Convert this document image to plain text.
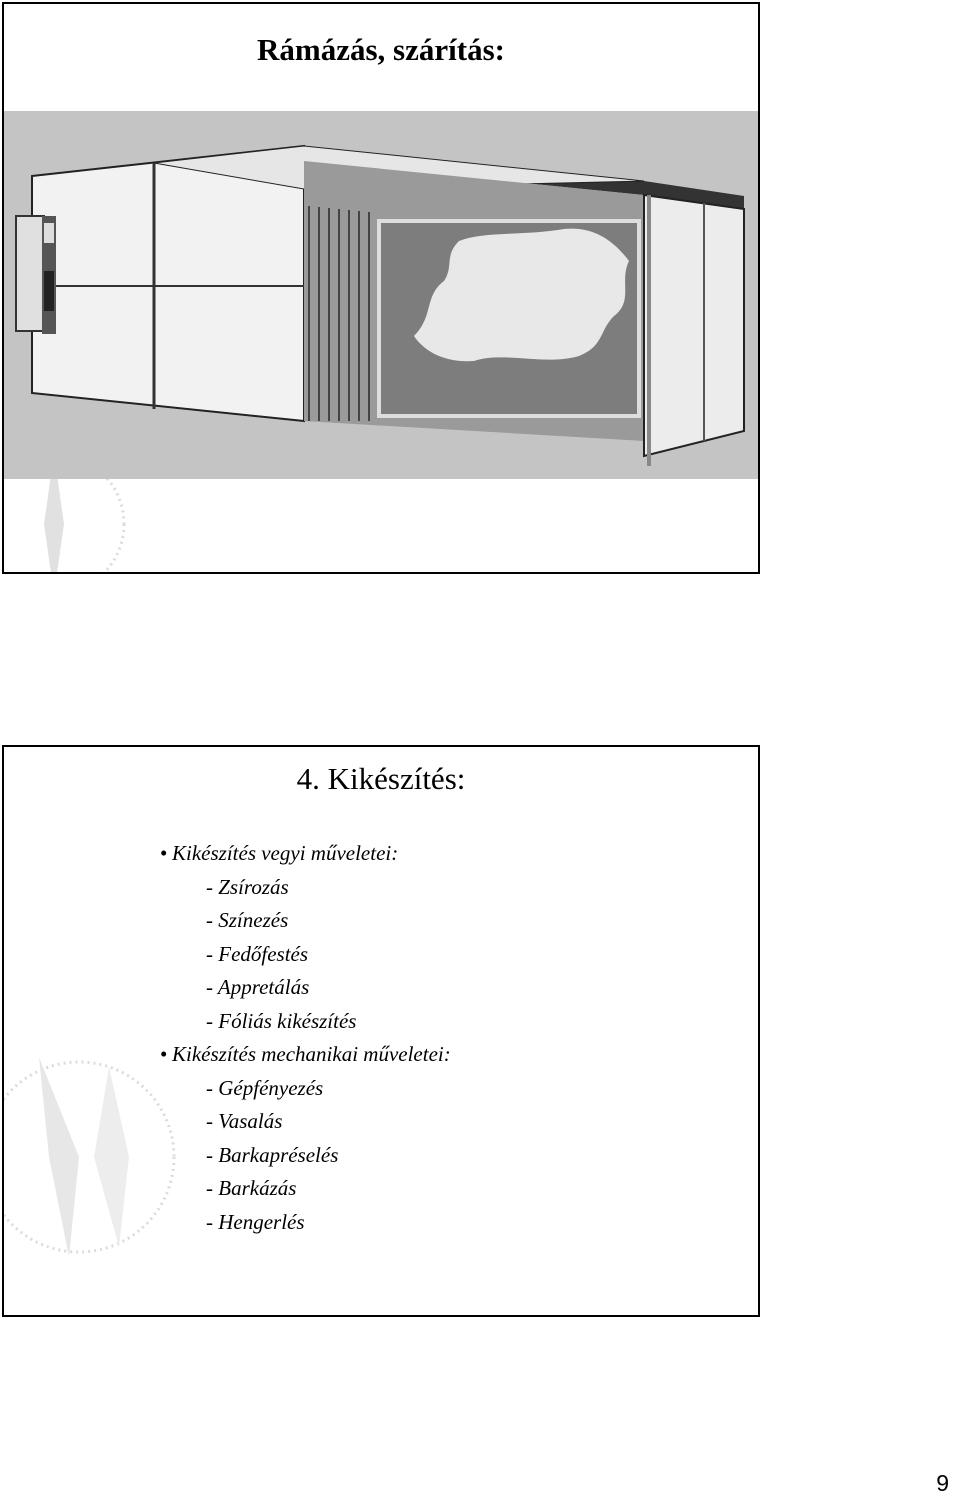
Rámázás, szárítás:
4. Kikészítés:
• Kikészítés vegyi műveletei:
- Zsírozás
- Színezés
- Fedőfestés
- Appretálás
- Fóliás kikészítés
• Kikészítés mechanikai műveletei:
- Gépfényezés
- Vasalás
- Barkapréselés
- Barkázás
- Hengerlés
9
